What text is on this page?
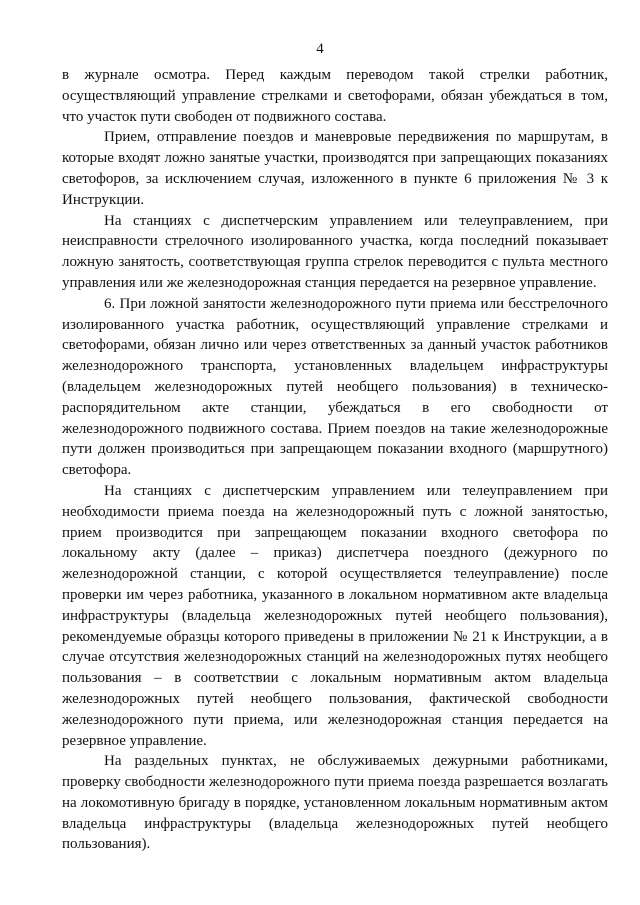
4

в журнале осмотра. Перед каждым переводом такой стрелки работник, осуществляющий управление стрелками и светофорами, обязан убеждаться в том, что участок пути свободен от подвижного состава.

Прием, отправление поездов и маневровые передвижения по маршрутам, в которые входят ложно занятые участки, производятся при запрещающих показаниях светофоров, за исключением случая, изложенного в пункте 6 приложения № 3 к Инструкции.

На станциях с диспетчерским управлением или телеуправлением, при неисправности стрелочного изолированного участка, когда последний показывает ложную занятость, соответствующая группа стрелок переводится с пульта местного управления или же железнодорожная станция передается на резервное управление.

6. При ложной занятости железнодорожного пути приема или бесстрелочного изолированного участка работник, осуществляющий управление стрелками и светофорами, обязан лично или через ответственных за данный участок работников железнодорожного транспорта, установленных владельцем инфраструктуры (владельцем железнодорожных путей необщего пользования) в техническо-распорядительном акте станции, убеждаться в его свободности от железнодорожного подвижного состава. Прием поездов на такие железнодорожные пути должен производиться при запрещающем показании входного (маршрутного) светофора.

На станциях с диспетчерским управлением или телеуправлением при необходимости приема поезда на железнодорожный путь с ложной занятостью, прием производится при запрещающем показании входного светофора по локальному акту (далее – приказ) диспетчера поездного (дежурного по железнодорожной станции, с которой осуществляется телеуправление) после проверки им через работника, указанного в локальном нормативном акте владельца инфраструктуры (владельца железнодорожных путей необщего пользования), рекомендуемые образцы которого приведены в приложении № 21 к Инструкции, а в случае отсутствия железнодорожных станций на железнодорожных путях необщего пользования – в соответствии с локальным нормативным актом владельца железнодорожных путей необщего пользования, фактической свободности железнодорожного пути приема, или железнодорожная станция передается на резервное управление.

На раздельных пунктах, не обслуживаемых дежурными работниками, проверку свободности железнодорожного пути приема поезда разрешается возлагать на локомотивную бригаду в порядке, установленном локальным нормативным актом владельца инфраструктуры (владельца железнодорожных путей необщего пользования).
